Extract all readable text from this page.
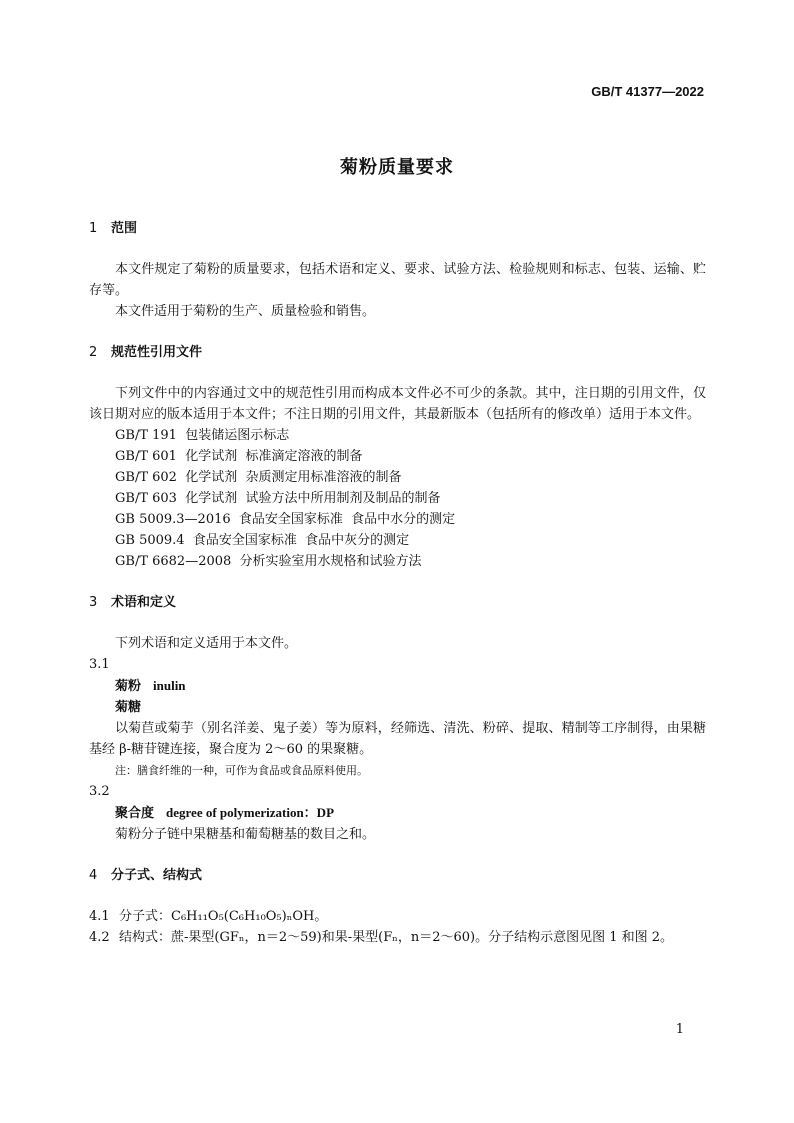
GB/T 41377—2022
菊粉质量要求
1 范围
本文件规定了菊粉的质量要求，包括术语和定义、要求、试验方法、检验规则和标志、包装、运输、贮存等。
本文件适用于菊粉的生产、质量检验和销售。
2 规范性引用文件
下列文件中的内容通过文中的规范性引用而构成本文件必不可少的条款。其中，注日期的引用文件，仅该日期对应的版本适用于本文件；不注日期的引用文件，其最新版本（包括所有的修改单）适用于本文件。
GB/T 191  包装储运图示标志
GB/T 601  化学试剂  标准滴定溶液的制备
GB/T 602  化学试剂  杂质测定用标准溶液的制备
GB/T 603  化学试剂  试验方法中所用制剂及制品的制备
GB 5009.3—2016  食品安全国家标准  食品中水分的测定
GB 5009.4  食品安全国家标准  食品中灰分的测定
GB/T 6682—2008  分析实验室用水规格和试验方法
3 术语和定义
下列术语和定义适用于本文件。
3.1
菊粉 inulin
菊糖
以菊苣或菊芋（别名洋姜、鬼子姜）等为原料，经筛选、清洗、粉碎、提取、精制等工序制得，由果糖基经 β-糖苷键连接，聚合度为 2～60 的果聚糖。
注：膳食纤维的一种，可作为食品或食品原料使用。
3.2
聚合度 degree of polymerization：DP
菊粉分子链中果糖基和葡萄糖基的数目之和。
4 分子式、结构式
4.1 分子式：C₆H₁₁O₅(C₆H₁₀O₅)ₙOH。
4.2 结构式：蔗-果型(GFₙ，n＝2～59)和果-果型(Fₙ，n＝2～60)。分子结构示意图见图 1 和图 2。
1
